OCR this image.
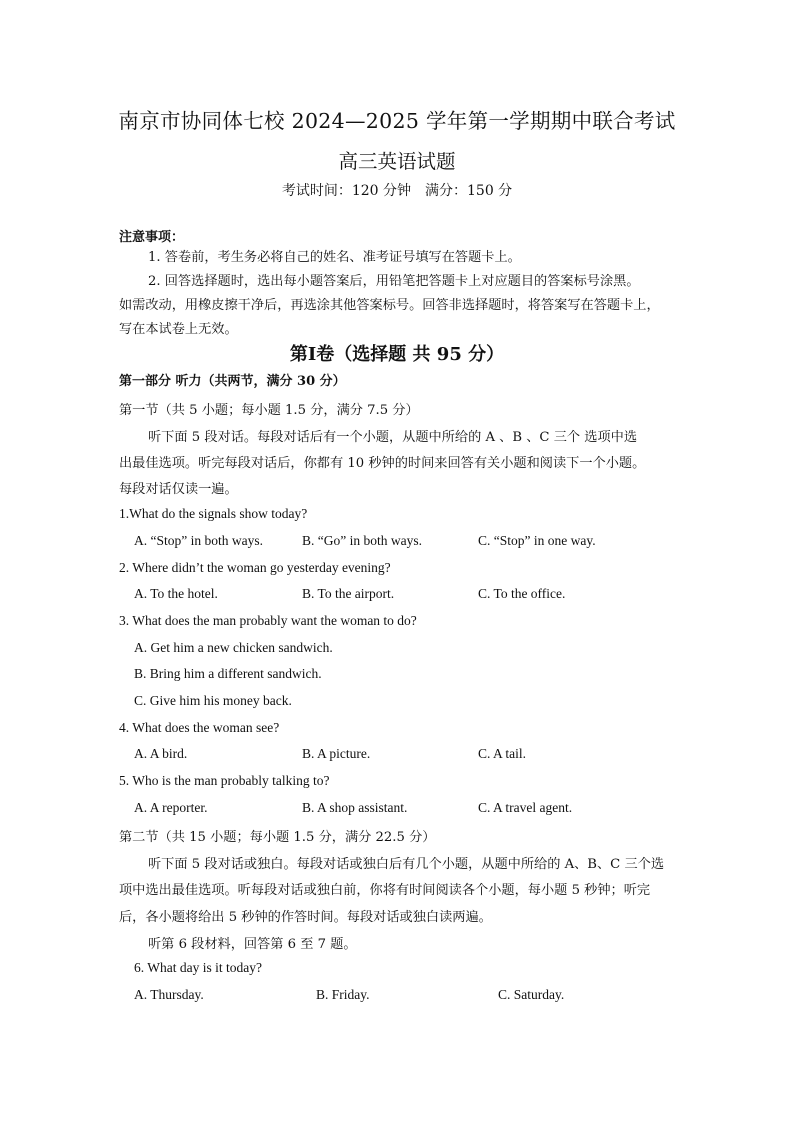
南京市协同体七校 2024—2025 学年第一学期期中联合考试
高三英语试题
考试时间：120 分钟　满分：150 分
注意事项：
1. 答卷前，考生务必将自己的姓名、准考证号填写在答题卡上。
2. 回答选择题时，选出每小题答案后，用铅笔把答题卡上对应题目的答案标号涂黑。
如需改动，用橡皮擦干净后，再选涂其他答案标号。回答非选择题时，将答案写在答题卡上，
写在本试卷上无效。
第Ⅰ卷（选择题 共 95 分）
第一部分 听力（共两节，满分 30 分）
第一节（共 5 小题；每小题 1.5 分，满分 7.5 分）
听下面 5 段对话。每段对话后有一个小题，从题中所给的 A 、B 、C 三个 选项中选
出最佳选项。听完每段对话后，你都有 10 秒钟的时间来回答有关小题和阅读下一个小题。
每段对话仅读一遍。
1.What do the signals show today?
A. “Stop” in both ways.	B. “Go” in both ways.	C. “Stop” in one way.
2. Where didn’t the woman go yesterday evening?
A. To the hotel.	B. To the airport.	C. To the office.
3. What does the man probably want the woman to do?
A. Get him a new chicken sandwich.
B. Bring him a different sandwich.
C. Give him his money back.
4. What does the woman see?
A. A bird.	B. A picture.	C. A tail.
5. Who is the man probably talking to?
A. A reporter.	B. A shop assistant.	C. A travel agent.
第二节（共 15 小题；每小题 1.5 分，满分 22.5 分）
听下面 5 段对话或独白。每段对话或独白后有几个小题，从题中所给的 A、B、C 三个选
项中选出最佳选项。听每段对话或独白前，你将有时间阅读各个小题，每小题 5 秒钟；听完
后，各小题将给出 5 秒钟的作答时间。每段对话或独白读两遍。
听第 6 段材料，回答第 6 至 7 题。
6. What day is it today?
A. Thursday.	B. Friday.	C. Saturday.
